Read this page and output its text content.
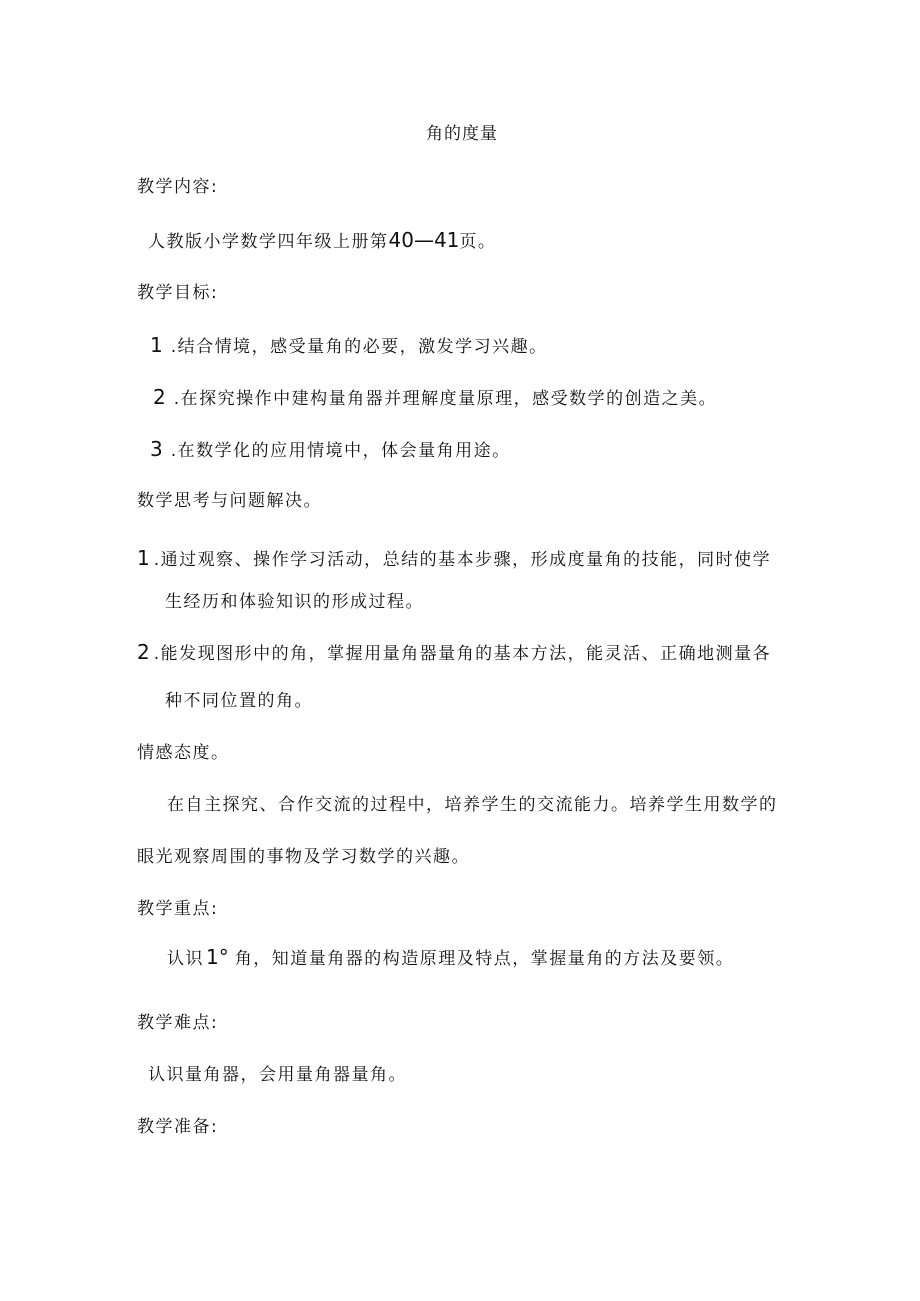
角的度量
教学内容:
人教版小学数学四年级上册第40—41页。
教学目标:
1 .结合情境，感受量角的必要，激发学习兴趣。
2 .在探究操作中建构量角器并理解度量原理，感受数学的创造之美。
3 .在数学化的应用情境中，体会量角用途。
数学思考与问题解决。
1 .通过观察、操作学习活动，总结的基本步骤，形成度量角的技能，同时使学
生经历和体验知识的形成过程。
2 .能发现图形中的角，掌握用量角器量角的基本方法，能灵活、正确地测量各
种不同位置的角。
情感态度。
在自主探究、合作交流的过程中，培养学生的交流能力。培养学生用数学的
眼光观察周围的事物及学习数学的兴趣。
教学重点:
认识 1° 角，知道量角器的构造原理及特点，掌握量角的方法及要领。
教学难点:
认识量角器，会用量角器量角。
教学准备:
